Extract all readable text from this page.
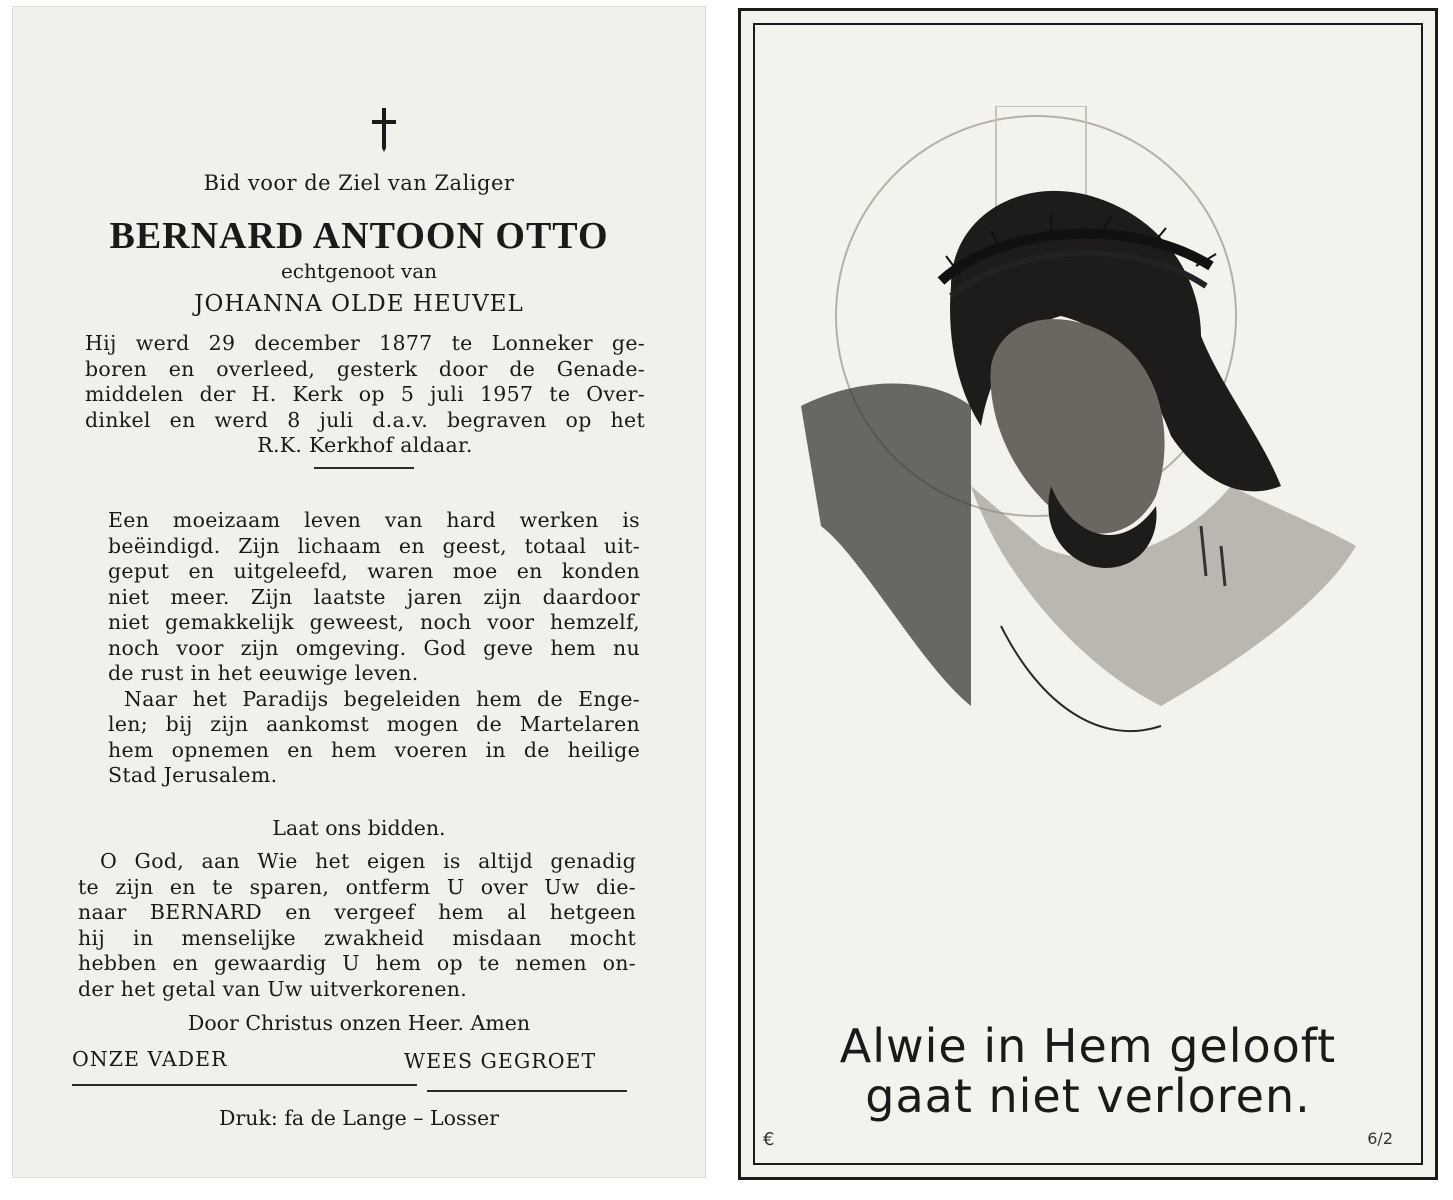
Bid voor de Ziel van Zaliger
BERNARD ANTOON OTTO
echtgenoot van
JOHANNA OLDE HEUVEL
Hij werd 29 december 1877 te Lonneker ge-
boren en overleed, gesterk door de Genade-
middelen der H. Kerk op 5 juli 1957 te Over-
dinkel en werd 8 juli d.a.v. begraven op het
R.K. Kerkhof aldaar.
Een moeizaam leven van hard werken is
beëindigd. Zijn lichaam en geest, totaal uit-
geput en uitgeleefd, waren moe en konden
niet meer. Zijn laatste jaren zijn daardoor
niet gemakkelijk geweest, noch voor hemzelf,
noch voor zijn omgeving. God geve hem nu
de rust in het eeuwige leven.
Naar het Paradijs begeleiden hem de Enge-
len; bij zijn aankomst mogen de Martelaren
hem opnemen en hem voeren in de heilige
Stad Jerusalem.
Laat ons bidden.
O God, aan Wie het eigen is altijd genadig
te zijn en te sparen, ontferm U over Uw die-
naar BERNARD en vergeef hem al hetgeen
hij in menselijke zwakheid misdaan mocht
hebben en gewaardig U hem op te nemen on-
der het getal van Uw uitverkorenen.
Door Christus onzen Heer. Amen
ONZE VADER	WEES GEGROET
Druk: fa de Lange – Losser
Alwie in Hem gelooft
gaat niet verloren.
€	6/2
